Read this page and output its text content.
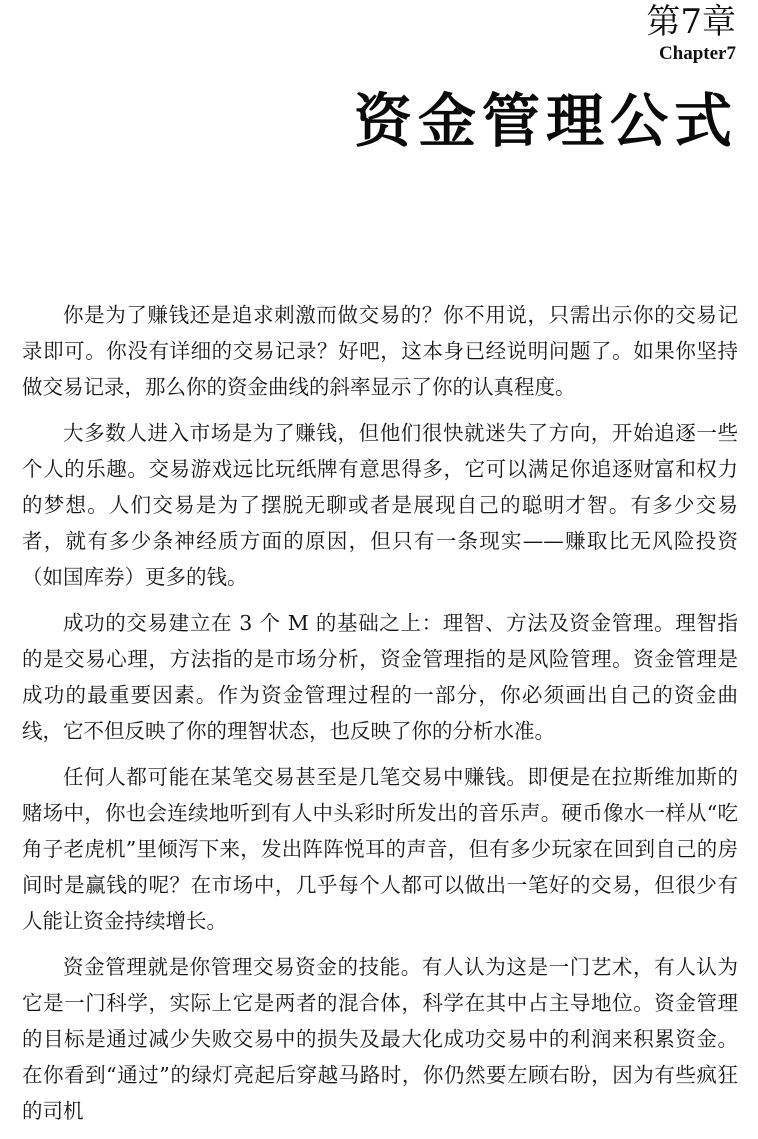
第7章
Chapter7
资金管理公式

你是为了赚钱还是追求刺激而做交易的？你不用说，只需出示你的交易记录即可。你没有详细的交易记录？好吧，这本身已经说明问题了。如果你坚持做交易记录，那么你的资金曲线的斜率显示了你的认真程度。

大多数人进入市场是为了赚钱，但他们很快就迷失了方向，开始追逐一些个人的乐趣。交易游戏远比玩纸牌有意思得多，它可以满足你追逐财富和权力的梦想。人们交易是为了摆脱无聊或者是展现自己的聪明才智。有多少交易者，就有多少条神经质方面的原因，但只有一条现实——赚取比无风险投资（如国库券）更多的钱。

成功的交易建立在 3 个 M 的基础之上：理智、方法及资金管理。理智指的是交易心理，方法指的是市场分析，资金管理指的是风险管理。资金管理是成功的最重要因素。作为资金管理过程的一部分，你必须画出自己的资金曲线，它不但反映了你的理智状态，也反映了你的分析水准。

任何人都可能在某笔交易甚至是几笔交易中赚钱。即便是在拉斯维加斯的赌场中，你也会连续地听到有人中头彩时所发出的音乐声。硬币像水一样从“吃角子老虎机”里倾泻下来，发出阵阵悦耳的声音，但有多少玩家在回到自己的房间时是赢钱的呢？在市场中，几乎每个人都可以做出一笔好的交易，但很少有人能让资金持续增长。

资金管理就是你管理交易资金的技能。有人认为这是一门艺术，有人认为它是一门科学，实际上它是两者的混合体，科学在其中占主导地位。资金管理的目标是通过减少失败交易中的损失及最大化成功交易中的利润来积累资金。在你看到“通过”的绿灯亮起后穿越马路时，你仍然要左顾右盼，因为有些疯狂的司机
